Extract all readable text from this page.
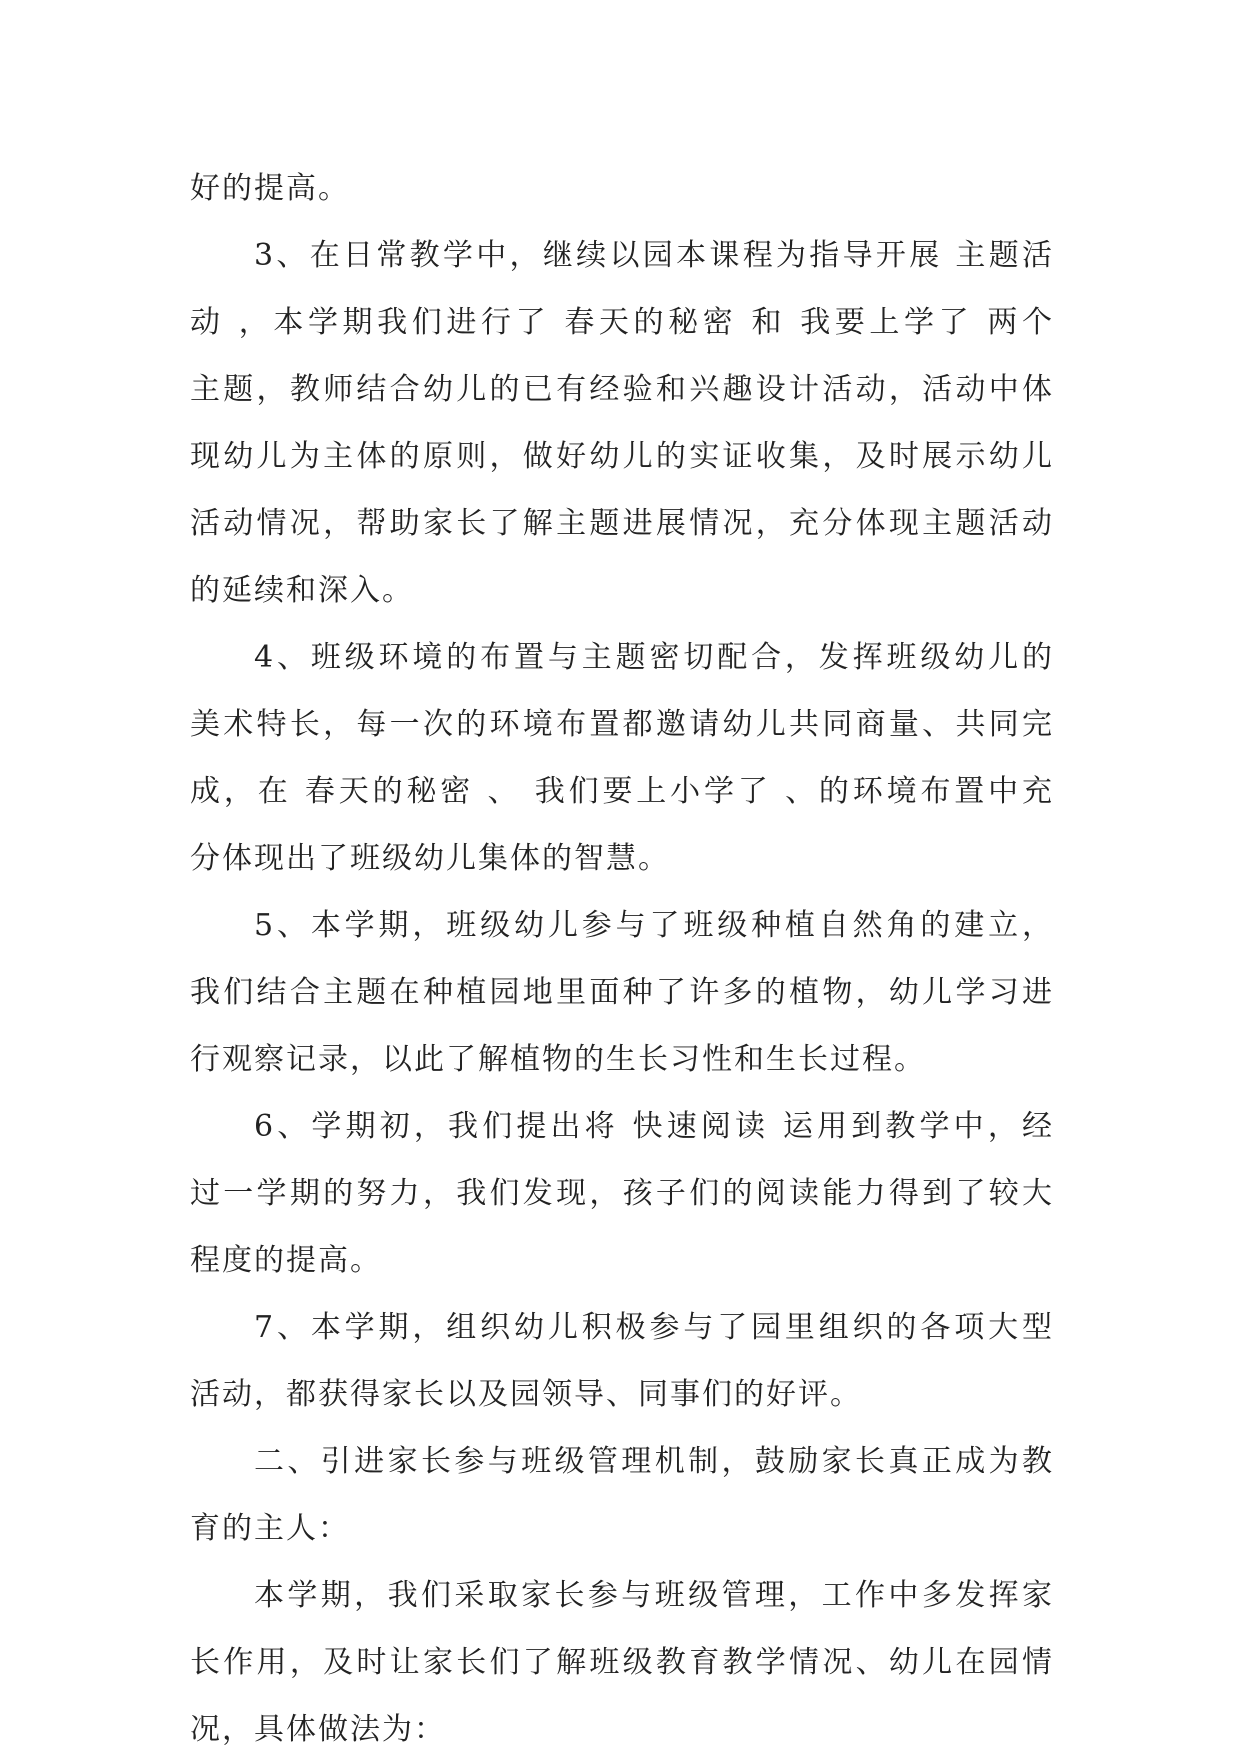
好的提高。
3、在日常教学中，继续以园本课程为指导开展 主题活
动 ，本学期我们进行了 春天的秘密 和 我要上学了 两个
主题，教师结合幼儿的已有经验和兴趣设计活动，活动中体
现幼儿为主体的原则，做好幼儿的实证收集，及时展示幼儿
活动情况，帮助家长了解主题进展情况，充分体现主题活动
的延续和深入。
4、班级环境的布置与主题密切配合，发挥班级幼儿的
美术特长，每一次的环境布置都邀请幼儿共同商量、共同完
成，在 春天的秘密 、 我们要上小学了 、的环境布置中充
分体现出了班级幼儿集体的智慧。
5、本学期，班级幼儿参与了班级种植自然角的建立，
我们结合主题在种植园地里面种了许多的植物，幼儿学习进
行观察记录，以此了解植物的生长习性和生长过程。
6、学期初，我们提出将 快速阅读 运用到教学中，经
过一学期的努力，我们发现，孩子们的阅读能力得到了较大
程度的提高。
7、本学期，组织幼儿积极参与了园里组织的各项大型
活动，都获得家长以及园领导、同事们的好评。
二、引进家长参与班级管理机制，鼓励家长真正成为教
育的主人：
本学期，我们采取家长参与班级管理，工作中多发挥家
长作用，及时让家长们了解班级教育教学情况、幼儿在园情
况，具体做法为：
